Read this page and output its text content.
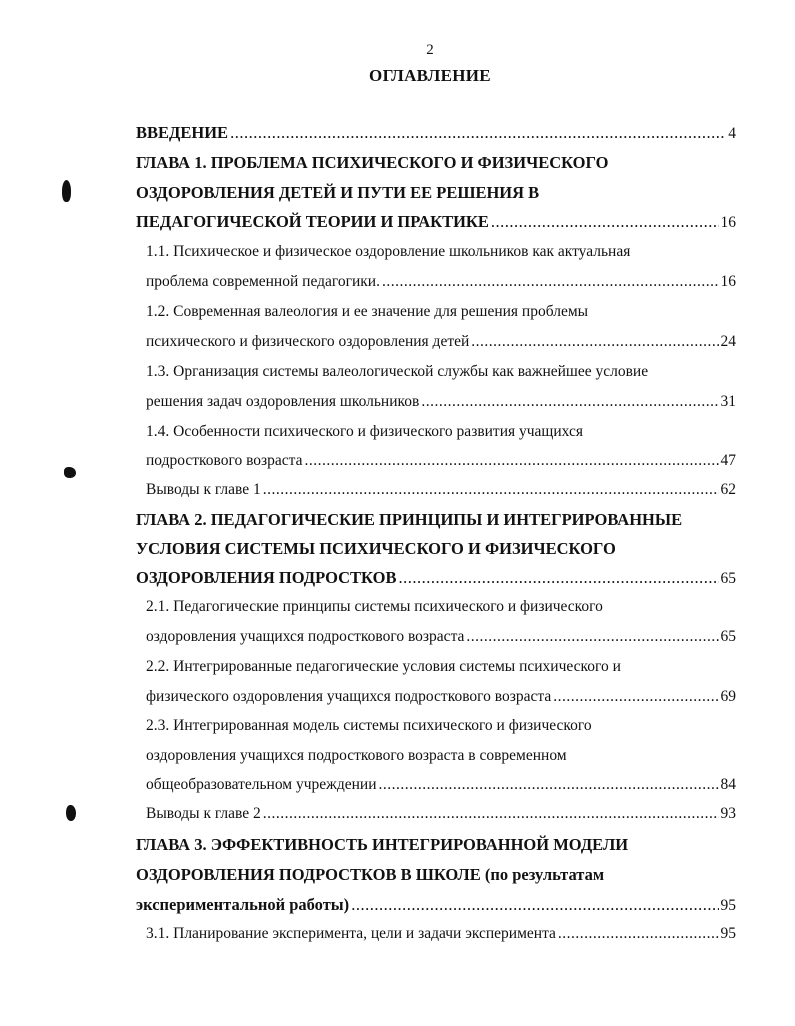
2
ОГЛАВЛЕНИЕ
ВВЕДЕНИЕ .....	4
ГЛАВА 1. ПРОБЛЕМА ПСИХИЧЕСКОГО И ФИЗИЧЕСКОГО
ОЗДОРОВЛЕНИЯ ДЕТЕЙ И ПУТИ ЕЕ РЕШЕНИЯ В
ПЕДАГОГИЧЕСКОЙ ТЕОРИИ И ПРАКТИКЕ .....	16
1.1. Психическое и физическое оздоровление школьников как актуальная
проблема современной педагогики. .....	16
1.2. Современная валеология и ее значение для решения проблемы
психического и физического оздоровления детей .....	24
1.3. Организация системы валеологической службы как важнейшее условие
решения задач оздоровления школьников .....	31
1.4. Особенности психического и физического развития учащихся
подросткового возраста .....	47
Выводы к главе 1 .....	62
ГЛАВА 2. ПЕДАГОГИЧЕСКИЕ ПРИНЦИПЫ И ИНТЕГРИРОВАННЫЕ
УСЛОВИЯ СИСТЕМЫ ПСИХИЧЕСКОГО И ФИЗИЧЕСКОГО
ОЗДОРОВЛЕНИЯ ПОДРОСТКОВ .....	65
2.1. Педагогические принципы системы психического и физического
оздоровления учащихся подросткового возраста .....	65
2.2. Интегрированные педагогические условия системы психического и
физического оздоровления учащихся подросткового возраста .....	69
2.3. Интегрированная модель системы психического и физического
оздоровления учащихся подросткового возраста в современном
общеобразовательном учреждении .....	84
Выводы к главе 2 .....	93
ГЛАВА 3. ЭФФЕКТИВНОСТЬ ИНТЕГРИРОВАННОЙ МОДЕЛИ
ОЗДОРОВЛЕНИЯ ПОДРОСТКОВ В ШКОЛЕ (по результатам
экспериментальной работы) .....	95
3.1. Планирование эксперимента, цели и задачи эксперимента .....	95
